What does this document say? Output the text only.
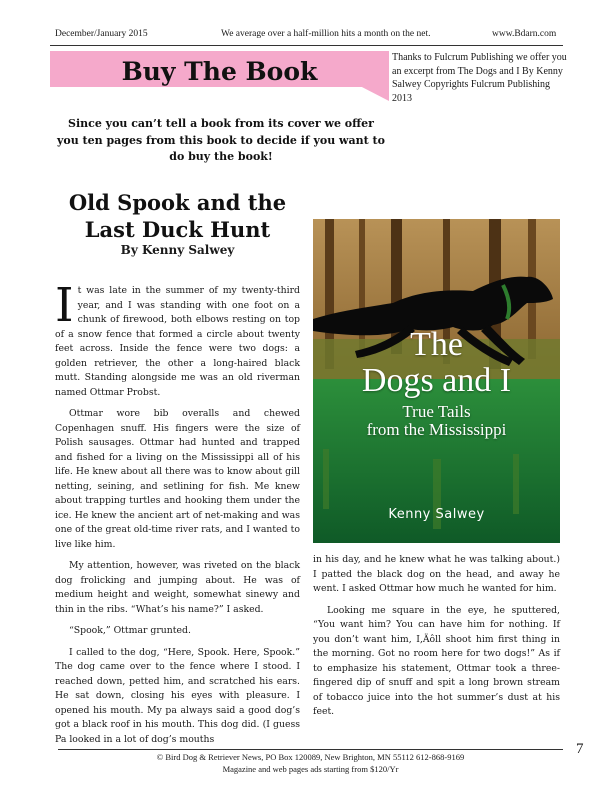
December/January 2015	We average over a half-million hits a month on the net.	www.Bdarn.com
Buy The Book	Thanks to Fulcrum Publishing we offer you an excerpt from The Dogs and I By Kenny Salwey Copyrights Fulcrum Publishing 2013
Since you can’t tell a book from its cover we offer you ten pages from this book to decide if you want to do buy the book!
Old Spook and the Last Duck Hunt
By Kenny Salwey

It was late in the summer of my twenty-third year, and I was standing with one foot on a chunk of firewood, both elbows resting on top of a snow fence that formed a circle about twenty feet across. Inside the fence were two dogs: a golden retriever, the other a long-haired black mutt. Standing alongside me was an old riverman named Ottmar Probst.

Ottmar wore bib overalls and chewed Copenhagen snuff. His fingers were the size of Polish sausages. Ottmar had hunted and trapped and fished for a living on the Mississippi all of his life. He knew about all there was to know about gill netting, seining, and setlining for fish. Me knew about trapping turtles and hooking them under the ice. He knew the ancient art of net-making and was one of the great old-time river rats, and I wanted to live like him.

My attention, however, was riveted on the black dog frolicking and jumping about. He was of medium height and weight, somewhat sinewy and thin in the ribs. “What’s his name?” I asked.

“Spook,” Ottmar grunted.

I called to the dog, “Here, Spook. Here, Spook.” The dog came over to the fence where I stood. I reached down, petted him, and scratched his ears. He sat down, closing his eyes with pleasure. I opened his mouth. My pa always said a good dog’s got a black roof in his mouth. This dog did. (I guess Pa looked in a lot of dog’s mouths

The
Dogs and I
True Tails
from the Mississippi
Kenny Salwey

in his day, and he knew what he was talking about.) I patted the black dog on the head, and away he went. I asked Ottmar how much he wanted for him.

Looking me square in the eye, he sputtered, “You want him? You can have him for nothing. If you don’t want him, I‚Äôll shoot him first thing in the morning. Got no room here for two dogs!” As if to emphasize his statement, Ottmar took a three-fingered dip of snuff and spit a long brown stream of tobacco juice into the hot summer’s dust at his feet.

© Bird Dog & Retriever News, PO Box 120089, New Brighton, MN 55112 612-868-9169
Magazine and web pages ads starting from $120/Yr
7
